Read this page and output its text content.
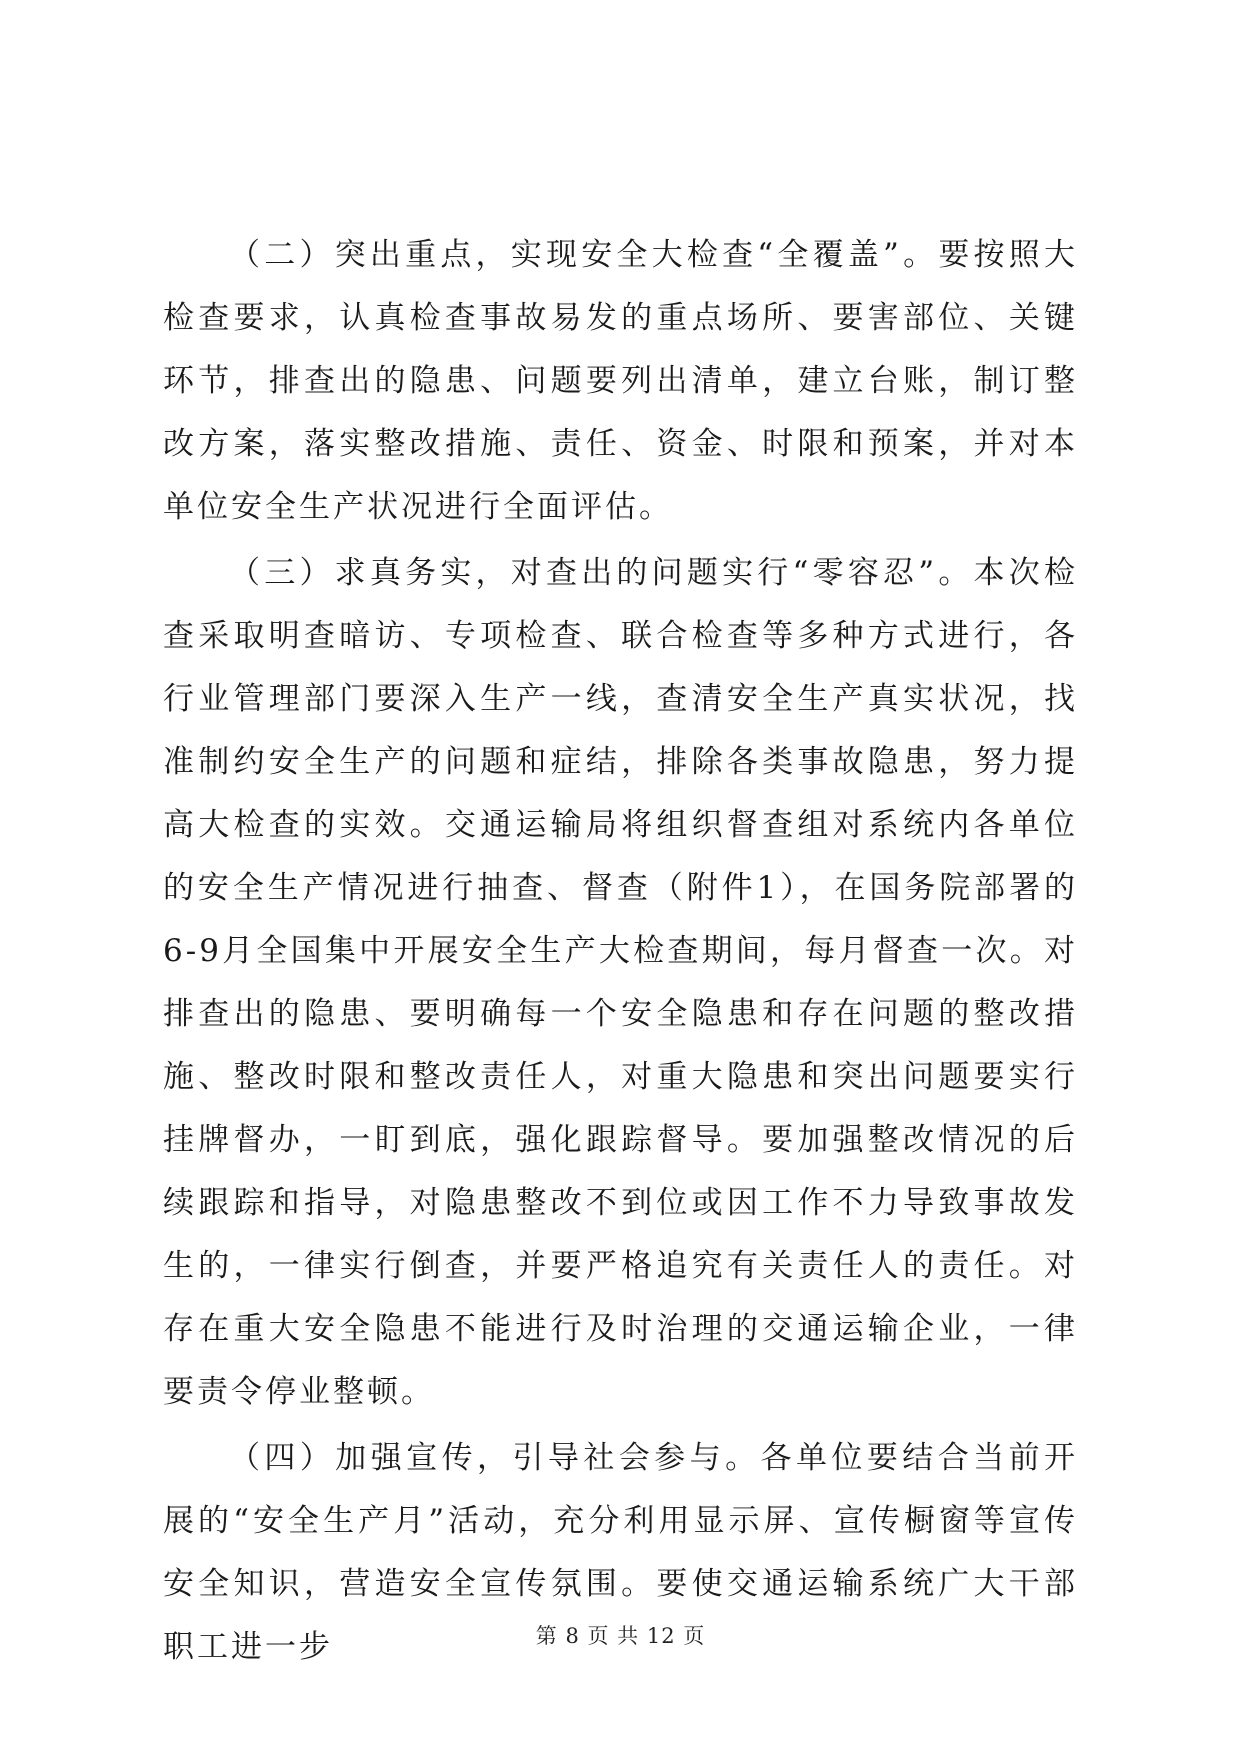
（二）突出重点，实现安全大检查“全覆盖”。要按照大检查要求，认真检查事故易发的重点场所、要害部位、关键环节，排查出的隐患、问题要列出清单，建立台账，制订整改方案，落实整改措施、责任、资金、时限和预案，并对本单位安全生产状况进行全面评估。

（三）求真务实，对查出的问题实行“零容忍”。本次检查采取明查暗访、专项检查、联合检查等多种方式进行，各行业管理部门要深入生产一线，查清安全生产真实状况，找准制约安全生产的问题和症结，排除各类事故隐患，努力提高大检查的实效。交通运输局将组织督查组对系统内各单位的安全生产情况进行抽查、督查（附件1），在国务院部署的6-9月全国集中开展安全生产大检查期间，每月督查一次。对排查出的隐患、要明确每一个安全隐患和存在问题的整改措施、整改时限和整改责任人，对重大隐患和突出问题要实行挂牌督办，一盯到底，强化跟踪督导。要加强整改情况的后续跟踪和指导，对隐患整改不到位或因工作不力导致事故发生的，一律实行倒查，并要严格追究有关责任人的责任。对存在重大安全隐患不能进行及时治理的交通运输企业，一律要责令停业整顿。

（四）加强宣传，引导社会参与。各单位要结合当前开展的“安全生产月”活动，充分利用显示屏、宣传橱窗等宣传安全知识，营造安全宣传氛围。要使交通运输系统广大干部职工进一步	第 8 页 共 12 页
